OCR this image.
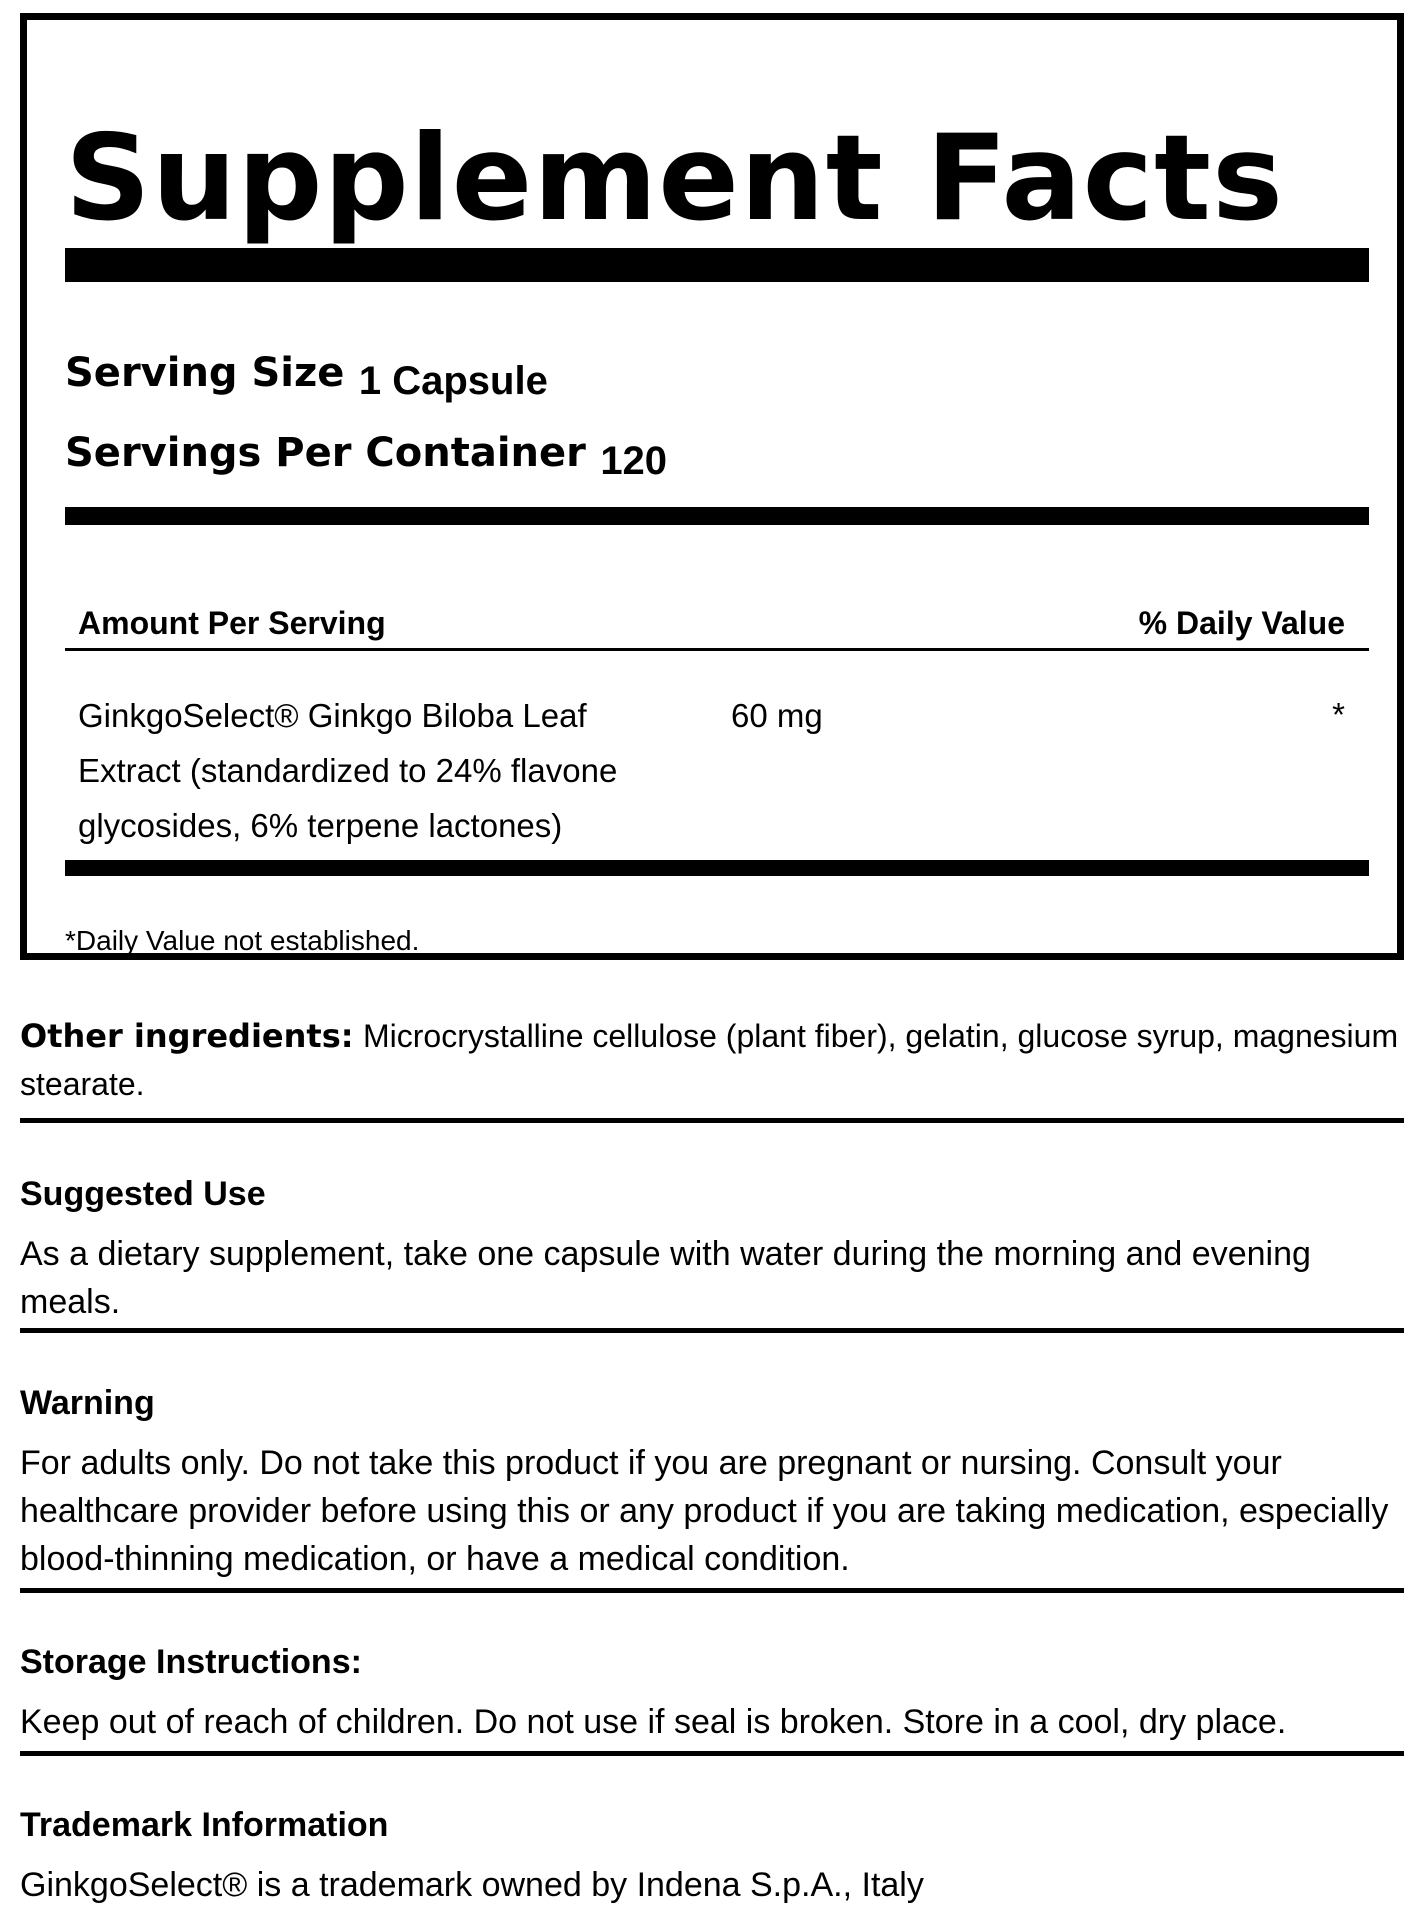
Supplement Facts
Serving Size 1 Capsule
Servings Per Container 120
Amount Per Serving	% Daily Value
GinkgoSelect® Ginkgo Biloba Leaf Extract (standardized to 24% flavone glycosides, 6% terpene lactones)
60 mg	*
*Daily Value not established.
Other ingredients: Microcrystalline cellulose (plant fiber), gelatin, glucose syrup, magnesium stearate.
Suggested Use

As a dietary supplement, take one capsule with water during the morning and evening meals.

Warning

For adults only. Do not take this product if you are pregnant or nursing. Consult your healthcare provider before using this or any product if you are taking medication, especially blood-thinning medication, or have a medical condition.

Storage Instructions:

Keep out of reach of children. Do not use if seal is broken. Store in a cool, dry place.

Trademark Information

GinkgoSelect® is a trademark owned by Indena S.p.A., Italy
